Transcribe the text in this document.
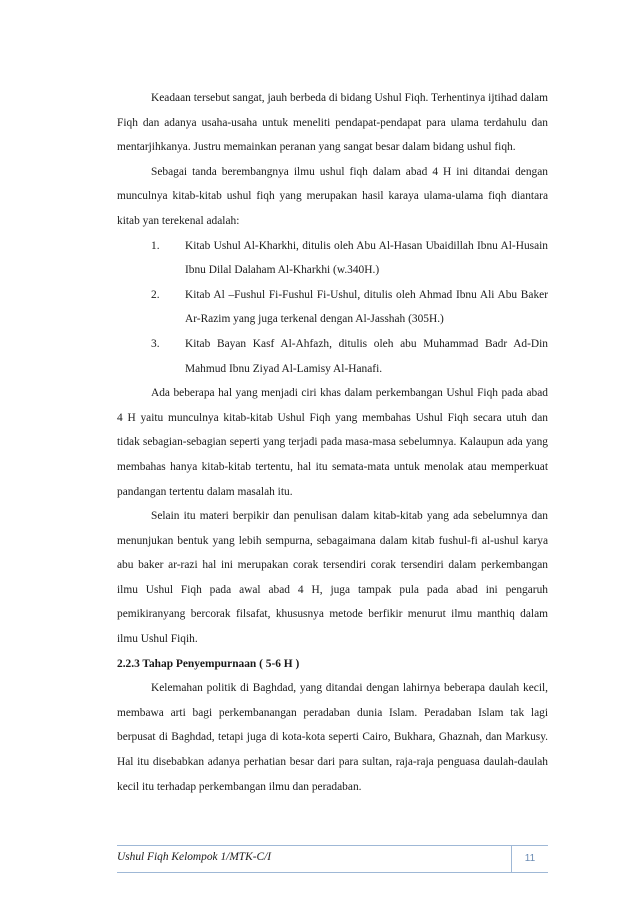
Keadaan tersebut sangat, jauh berbeda di bidang Ushul Fiqh. Terhentinya ijtihad dalam Fiqh dan adanya usaha-usaha untuk meneliti pendapat-pendapat para ulama terdahulu dan mentarjihkanya. Justru memainkan peranan yang sangat besar dalam bidang ushul fiqh.

Sebagai tanda berembangnya ilmu ushul fiqh dalam abad 4 H ini ditandai dengan munculnya kitab-kitab ushul fiqh yang merupakan hasil karaya ulama-ulama fiqh diantara kitab yan terekenal adalah:

1.	Kitab Ushul Al-Kharkhi, ditulis oleh Abu Al-Hasan Ubaidillah Ibnu Al-Husain Ibnu Dilal Dalaham Al-Kharkhi (w.340H.)
2.	Kitab Al –Fushul Fi-Fushul Fi-Ushul, ditulis oleh Ahmad Ibnu Ali Abu Baker Ar-Razim yang juga terkenal dengan Al-Jasshah (305H.)
3.	Kitab Bayan Kasf Al-Ahfazh, ditulis oleh abu Muhammad Badr Ad-Din Mahmud Ibnu Ziyad Al-Lamisy Al-Hanafi.

Ada beberapa hal yang menjadi ciri khas dalam perkembangan Ushul Fiqh pada abad 4 H yaitu munculnya kitab-kitab Ushul Fiqh yang membahas Ushul Fiqh secara utuh dan tidak sebagian-sebagian seperti yang terjadi pada masa-masa sebelumnya. Kalaupun ada yang membahas hanya kitab-kitab tertentu, hal itu semata-mata untuk menolak atau memperkuat pandangan tertentu dalam masalah itu.

Selain itu materi berpikir dan penulisan dalam kitab-kitab yang ada sebelumnya dan menunjukan bentuk yang lebih sempurna, sebagaimana dalam kitab fushul-fi al-ushul karya abu baker ar-razi hal ini merupakan corak tersendiri corak tersendiri dalam perkembangan ilmu Ushul Fiqh pada awal abad 4 H, juga tampak pula pada abad ini pengaruh pemikiranyang bercorak filsafat, khususnya metode berfikir menurut ilmu manthiq dalam ilmu Ushul Fiqih.

2.2.3 Tahap Penyempurnaan ( 5-6 H )

Kelemahan politik di Baghdad, yang ditandai dengan lahirnya beberapa daulah kecil, membawa arti bagi perkembanangan peradaban dunia Islam. Peradaban Islam tak lagi berpusat di Baghdad, tetapi juga di kota-kota seperti Cairo, Bukhara, Ghaznah, dan Markusy. Hal itu disebabkan adanya perhatian besar dari para sultan, raja-raja penguasa daulah-daulah kecil itu terhadap perkembangan ilmu dan peradaban.

Ushul Fiqh Kelompok 1/MTK-C/I	11
